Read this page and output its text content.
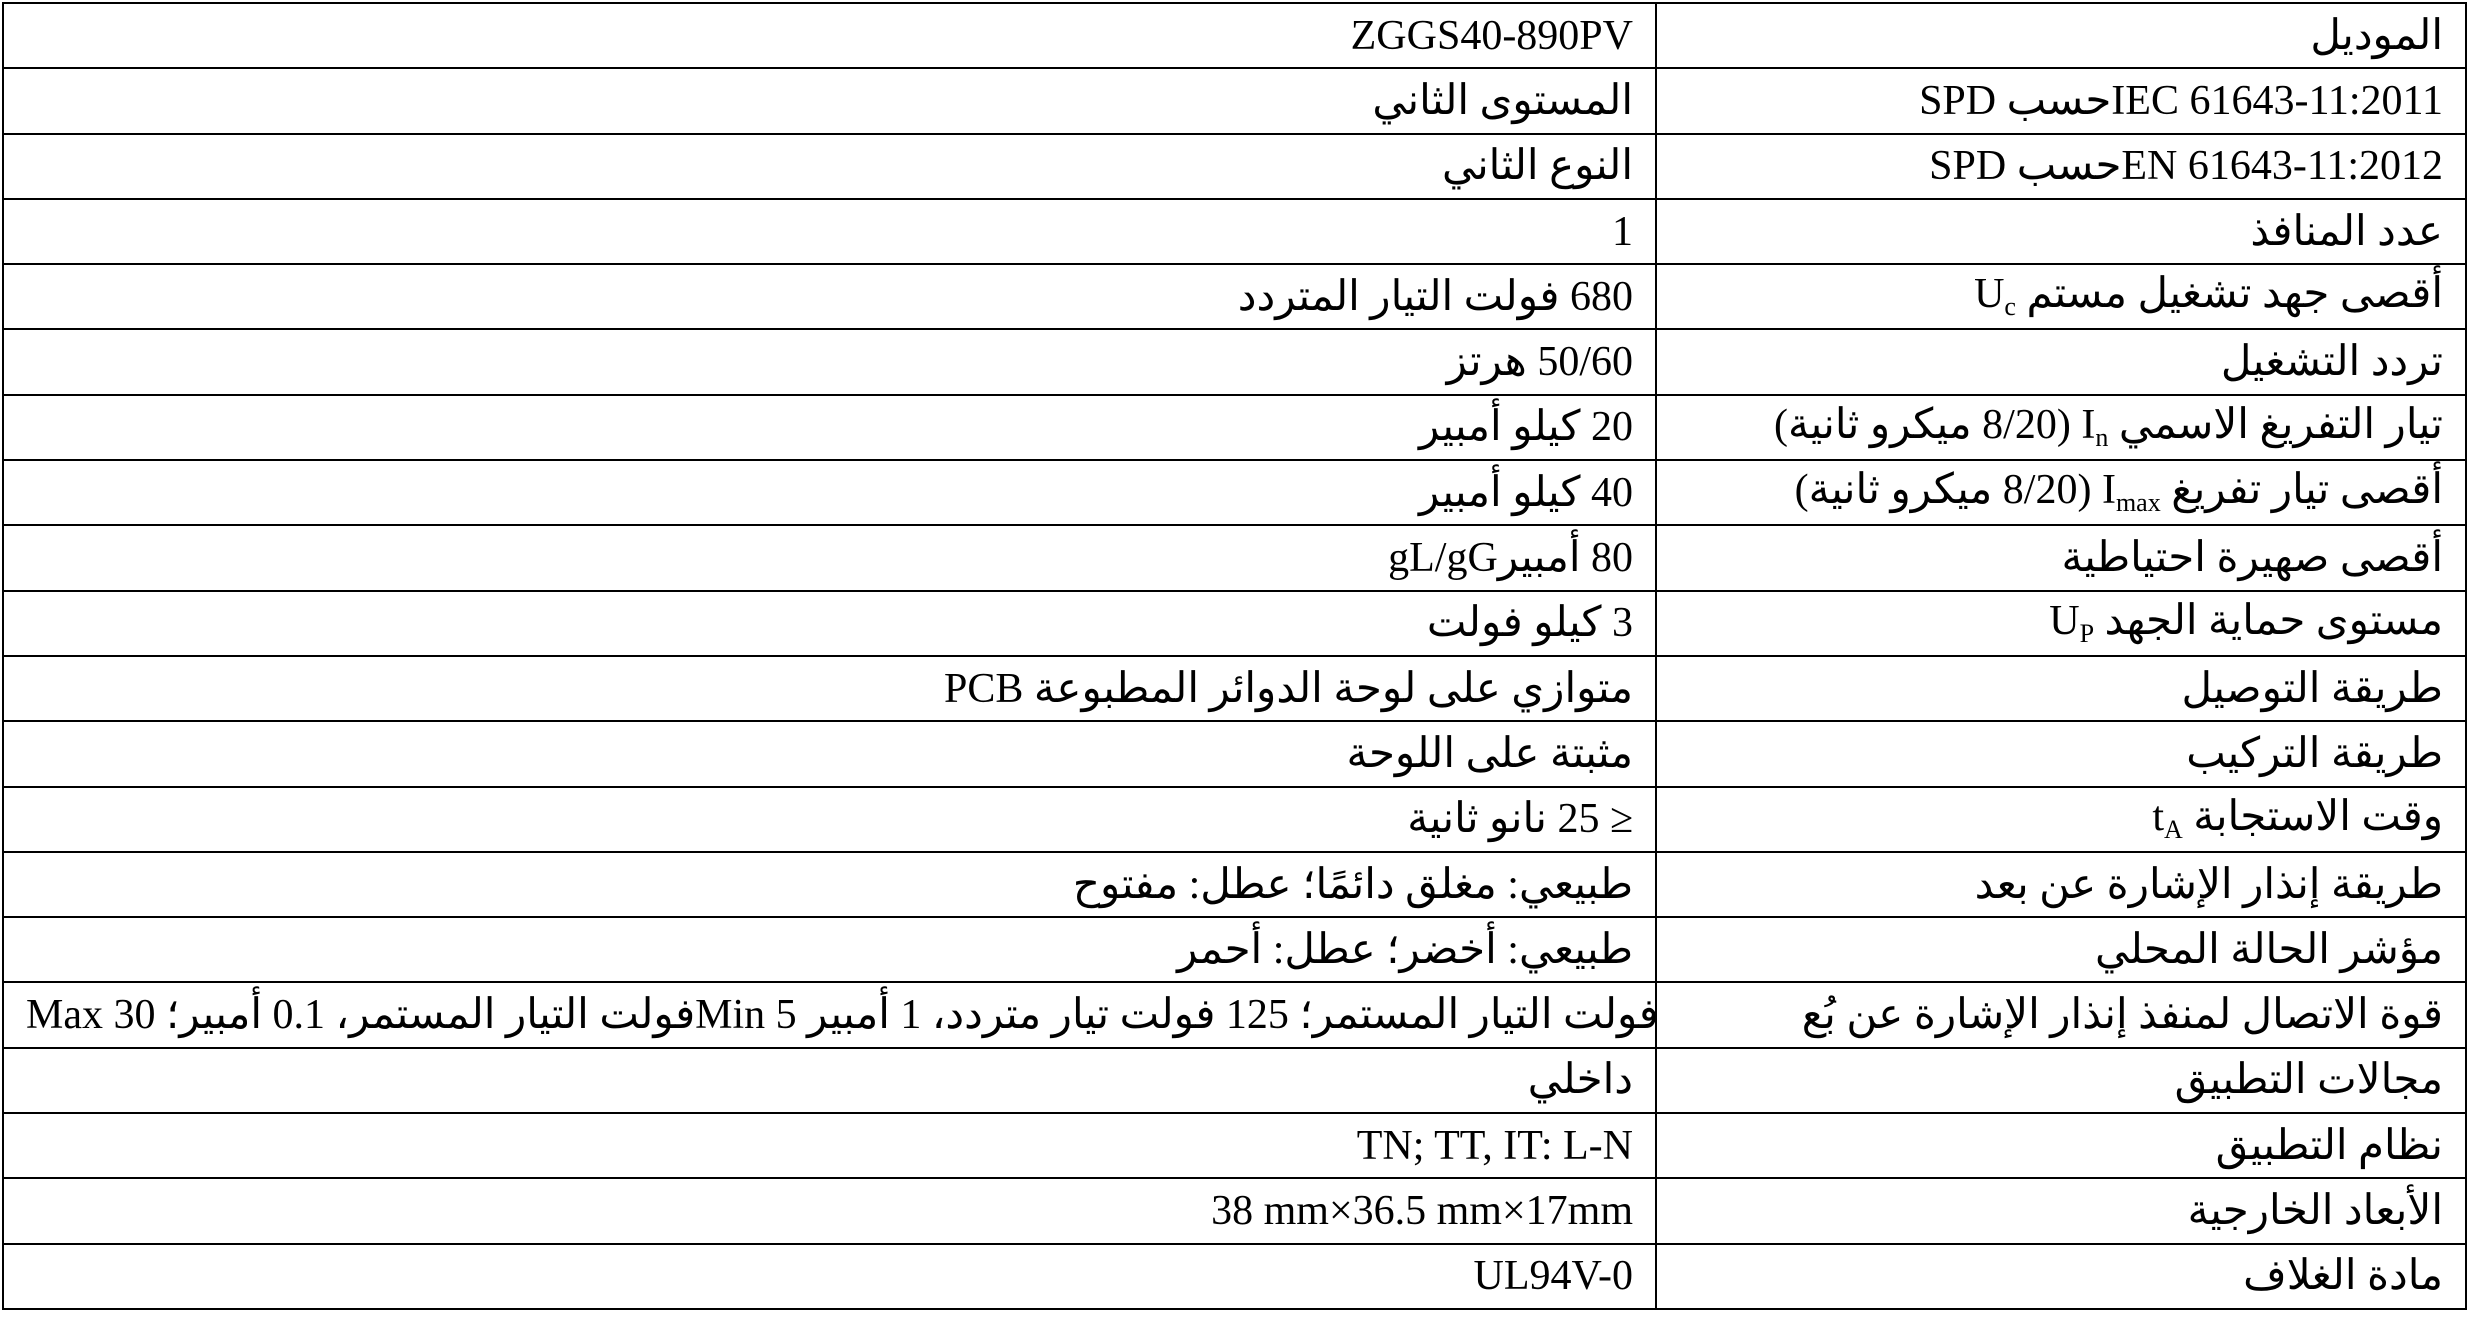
الموديل	ZGGS40-890PV
SPD حسبIEC 61643-11:2011	المستوى الثاني
SPD حسبEN 61643-11:2012	النوع الثاني
عدد المنافذ	1
أقصى جهد تشغيل مستم $U_c$	680 فولت التيار المتردد
تردد التشغيل	50/60 هرتز
تيار التفريغ الاسمي $I_n$ (8/20 ميكرو ثانية)	20 كيلو أمبير
أقصى تيار تفريغ $I_{max}$ (8/20 ميكرو ثانية)	40 كيلو أمبير
أقصى صهيرة احتياطية	80 أمبيرgL/gG
مستوى حماية الجهد $U_P$	3 كيلو فولت
طريقة التوصيل	PCB متوازي على لوحة الدوائر المطبوعة
طريقة التركيب	مثبتة على اللوحة
وقت الاستجابة $t_A$	≤ 25 نانو ثانية
طريقة إنذار الإشارة عن بعد	طبيعي: مغلق دائمًا؛ عطل: مفتوح
مؤشر الحالة المحلي	طبيعي: أخضر؛ عطل: أحمر
قوة الاتصال لمنفذ إنذار الإشارة عن بُع	Max 30 فولت التيار المستمر، 0.1 أمبير؛Min 5 فولت التيار المستمر؛ 125 فولت تيار متردد، 1 أمبير
مجالات التطبيق	داخلي
نظام التطبيق	TN; TT, IT: L-N
الأبعاد الخارجية	38 mm×36.5 mm×17mm
مادة الغلاف	UL94V-0
